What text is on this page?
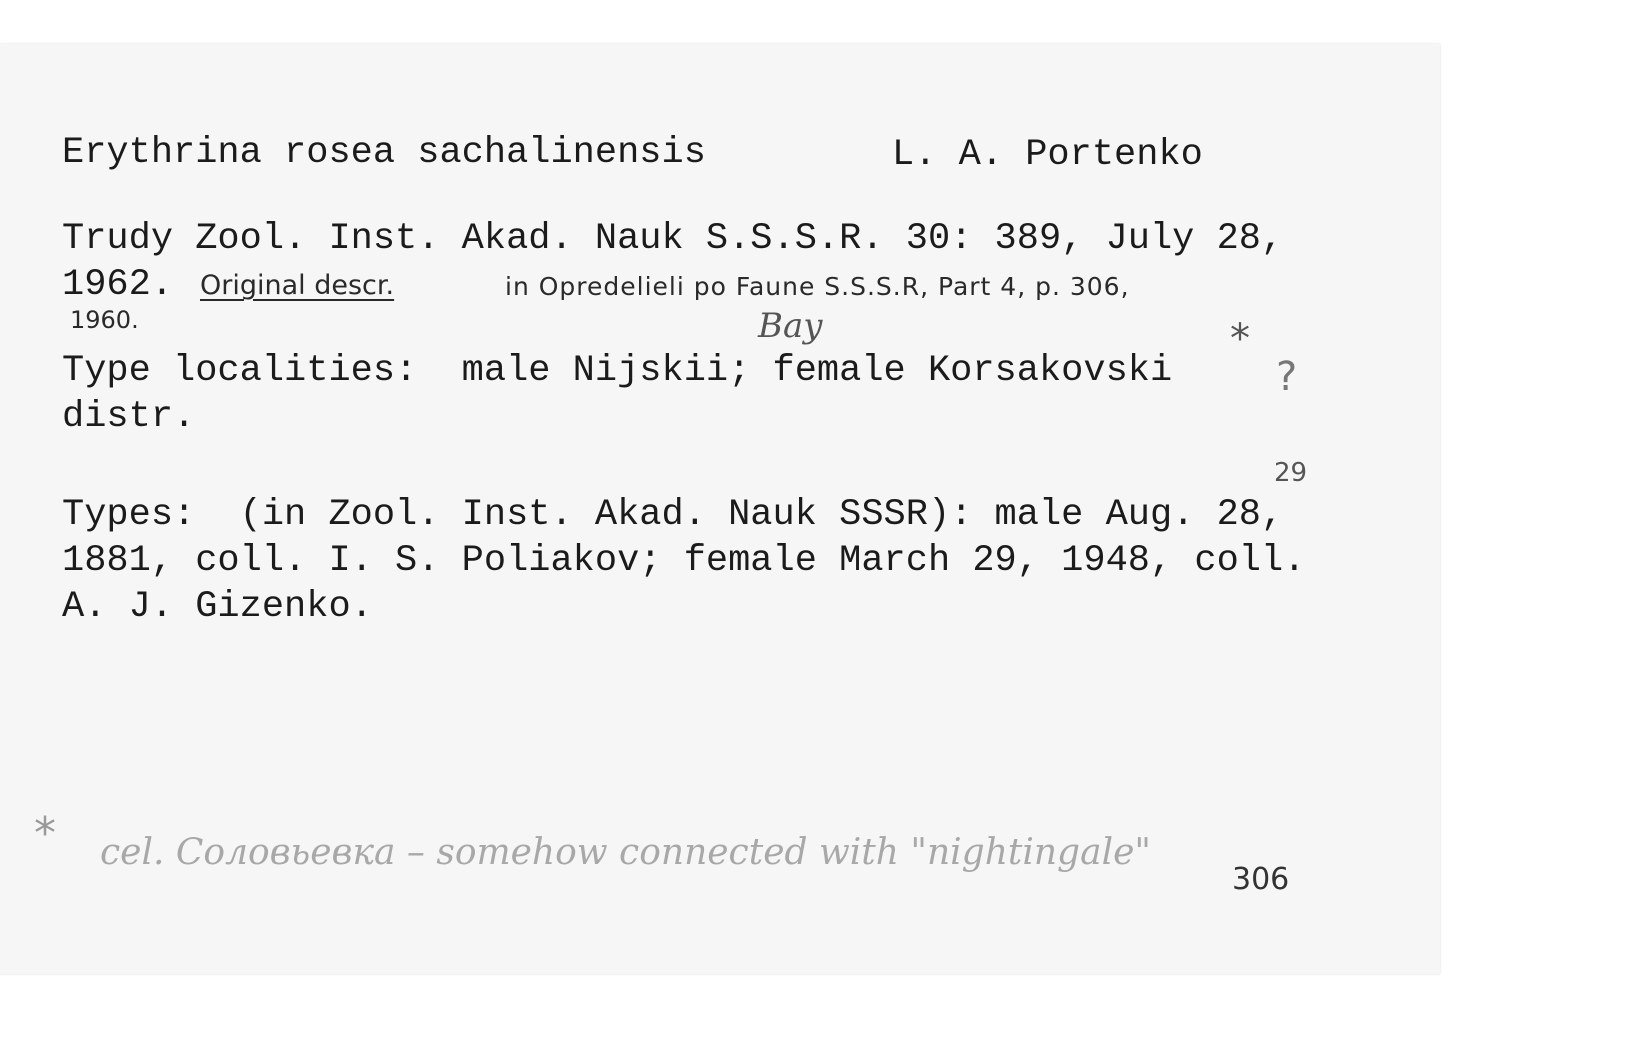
Erythrina rosea sachalinensis	L. A. Portenko

Trudy Zool. Inst. Akad. Nauk S.S.S.R. 30: 389, July 28,

1962. Original descr.	in Opredelieli po Faune S.S.S.R, Part 4, p. 306,

1960.	Bay	*

Type localities:  male Nijskii; female Korsakovski	?

distr.

29

Types:  (in Zool. Inst. Akad. Nauk SSSR): male Aug. 28,

1881, coll. I. S. Poliakov; female March 29, 1948, coll.

A. J. Gizenko.

* cel. Соловьевка – somehow connected with "nightingale"

306
